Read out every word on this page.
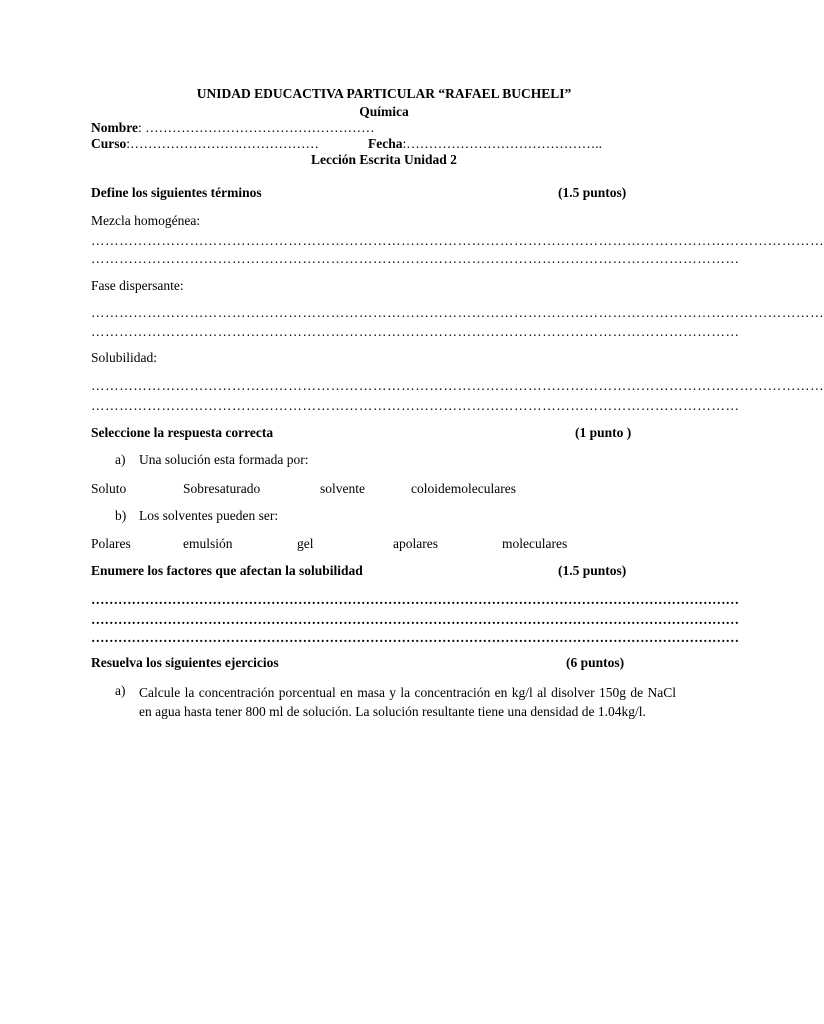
UNIDAD EDUCACTIVA PARTICULAR “RAFAEL BUCHELI”
Química
Nombre: ……………………………………………
Curso:……………………………………	Fecha:……………………………………..
Lección Escrita Unidad 2
Define los siguientes términos	(1.5 puntos)
Mezcla homogénea:
…………………………………………………………………………………………………………………………………………
…………………………………………………………………………………………………………………………
Fase dispersante:
…………………………………………………………………………………………………………………………………………
…………………………………………………………………………………………………………………………
Solubilidad:
…………………………………………………………………………………………………………………………………………
…………………………………………………………………………………………………………………………
Seleccione la respuesta correcta	(1 punto )
a) Una solución esta formada por:
Soluto	Sobresaturado	solvente	coloidemoleculares
b) Los solventes pueden ser:
Polares	emulsión	gel	apolares	moleculares
Enumere los factores que afectan la solubilidad	(1.5 puntos)
………………………………………………………………………………………………………………………………
………………………………………………………………………………………………………………………………
………………………………………………………………………………………………………………………………
Resuelva los siguientes ejercicios	(6 puntos)
a) Calcule la concentración porcentual en masa y la concentración en kg/l al disolver 150g de NaCl en agua hasta tener 800 ml de solución. La solución resultante tiene una densidad de 1.04kg/l.
